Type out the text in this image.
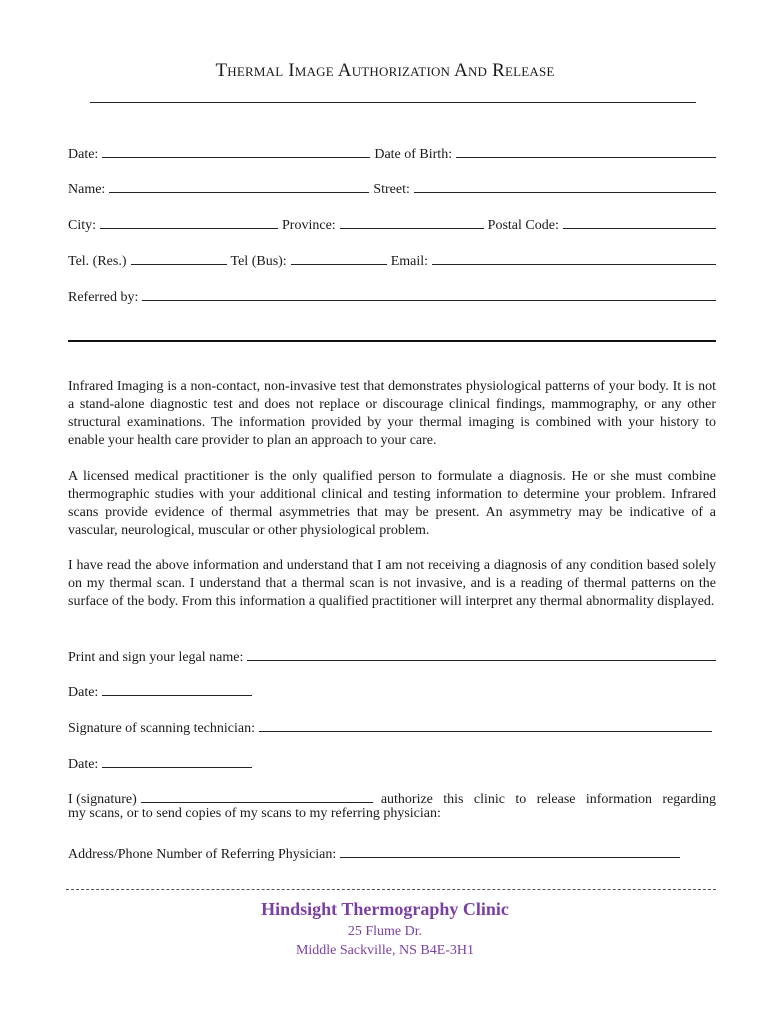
Thermal Image Authorization And Release
Date:	Date of Birth:
Name:	Street:
City:	Province:	Postal Code:
Tel. (Res.)	Tel (Bus):	Email:
Referred by:
Infrared Imaging is a non-contact, non-invasive test that demonstrates physiological patterns of your body. It is not a stand-alone diagnostic test and does not replace or discourage clinical findings, mammography, or any other structural examinations. The information provided by your thermal imaging is combined with your history to enable your health care provider to plan an approach to your care.
A licensed medical practitioner is the only qualified person to formulate a diagnosis. He or she must combine thermographic studies with your additional clinical and testing information to determine your problem. Infrared scans provide evidence of thermal asymmetries that may be present. An asymmetry may be indicative of a vascular, neurological, muscular or other physiological problem.
I have read the above information and understand that I am not receiving a diagnosis of any condition based solely on my thermal scan. I understand that a thermal scan is not invasive, and is a reading of thermal patterns on the surface of the body. From this information a qualified practitioner will interpret any thermal abnormality displayed.
Print and sign your legal name:
Date:
Signature of scanning technician:
Date:
I (signature)	authorize this clinic to release information regarding
my scans, or to send copies of my scans to my referring physician:
Address/Phone Number of Referring Physician:
Hindsight Thermography Clinic
25 Flume Dr.
Middle Sackville, NS B4E-3H1
